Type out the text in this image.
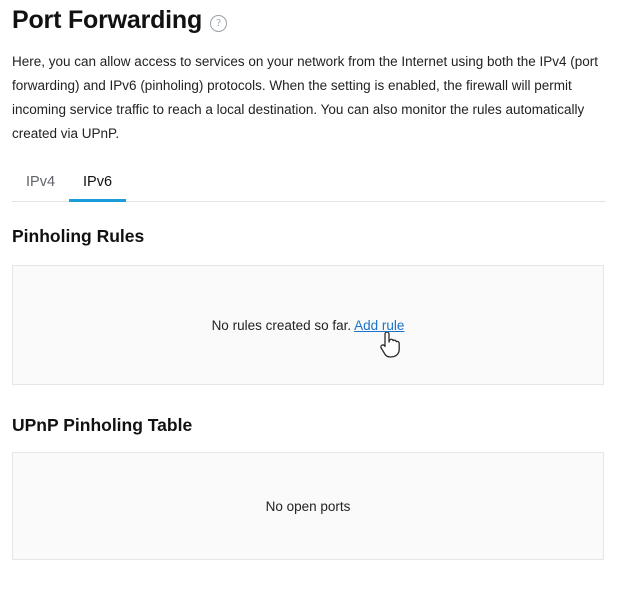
Port Forwarding	?

Here, you can allow access to services on your network from the Internet using both the IPv4 (port forwarding) and IPv6 (pinholing) protocols. When the setting is enabled, the firewall will permit incoming service traffic to reach a local destination. You can also monitor the rules automatically created via UPnP.

IPv4	IPv6
Pinholing Rules
No rules created so far. Add rule
UPnP Pinholing Table
No open ports
